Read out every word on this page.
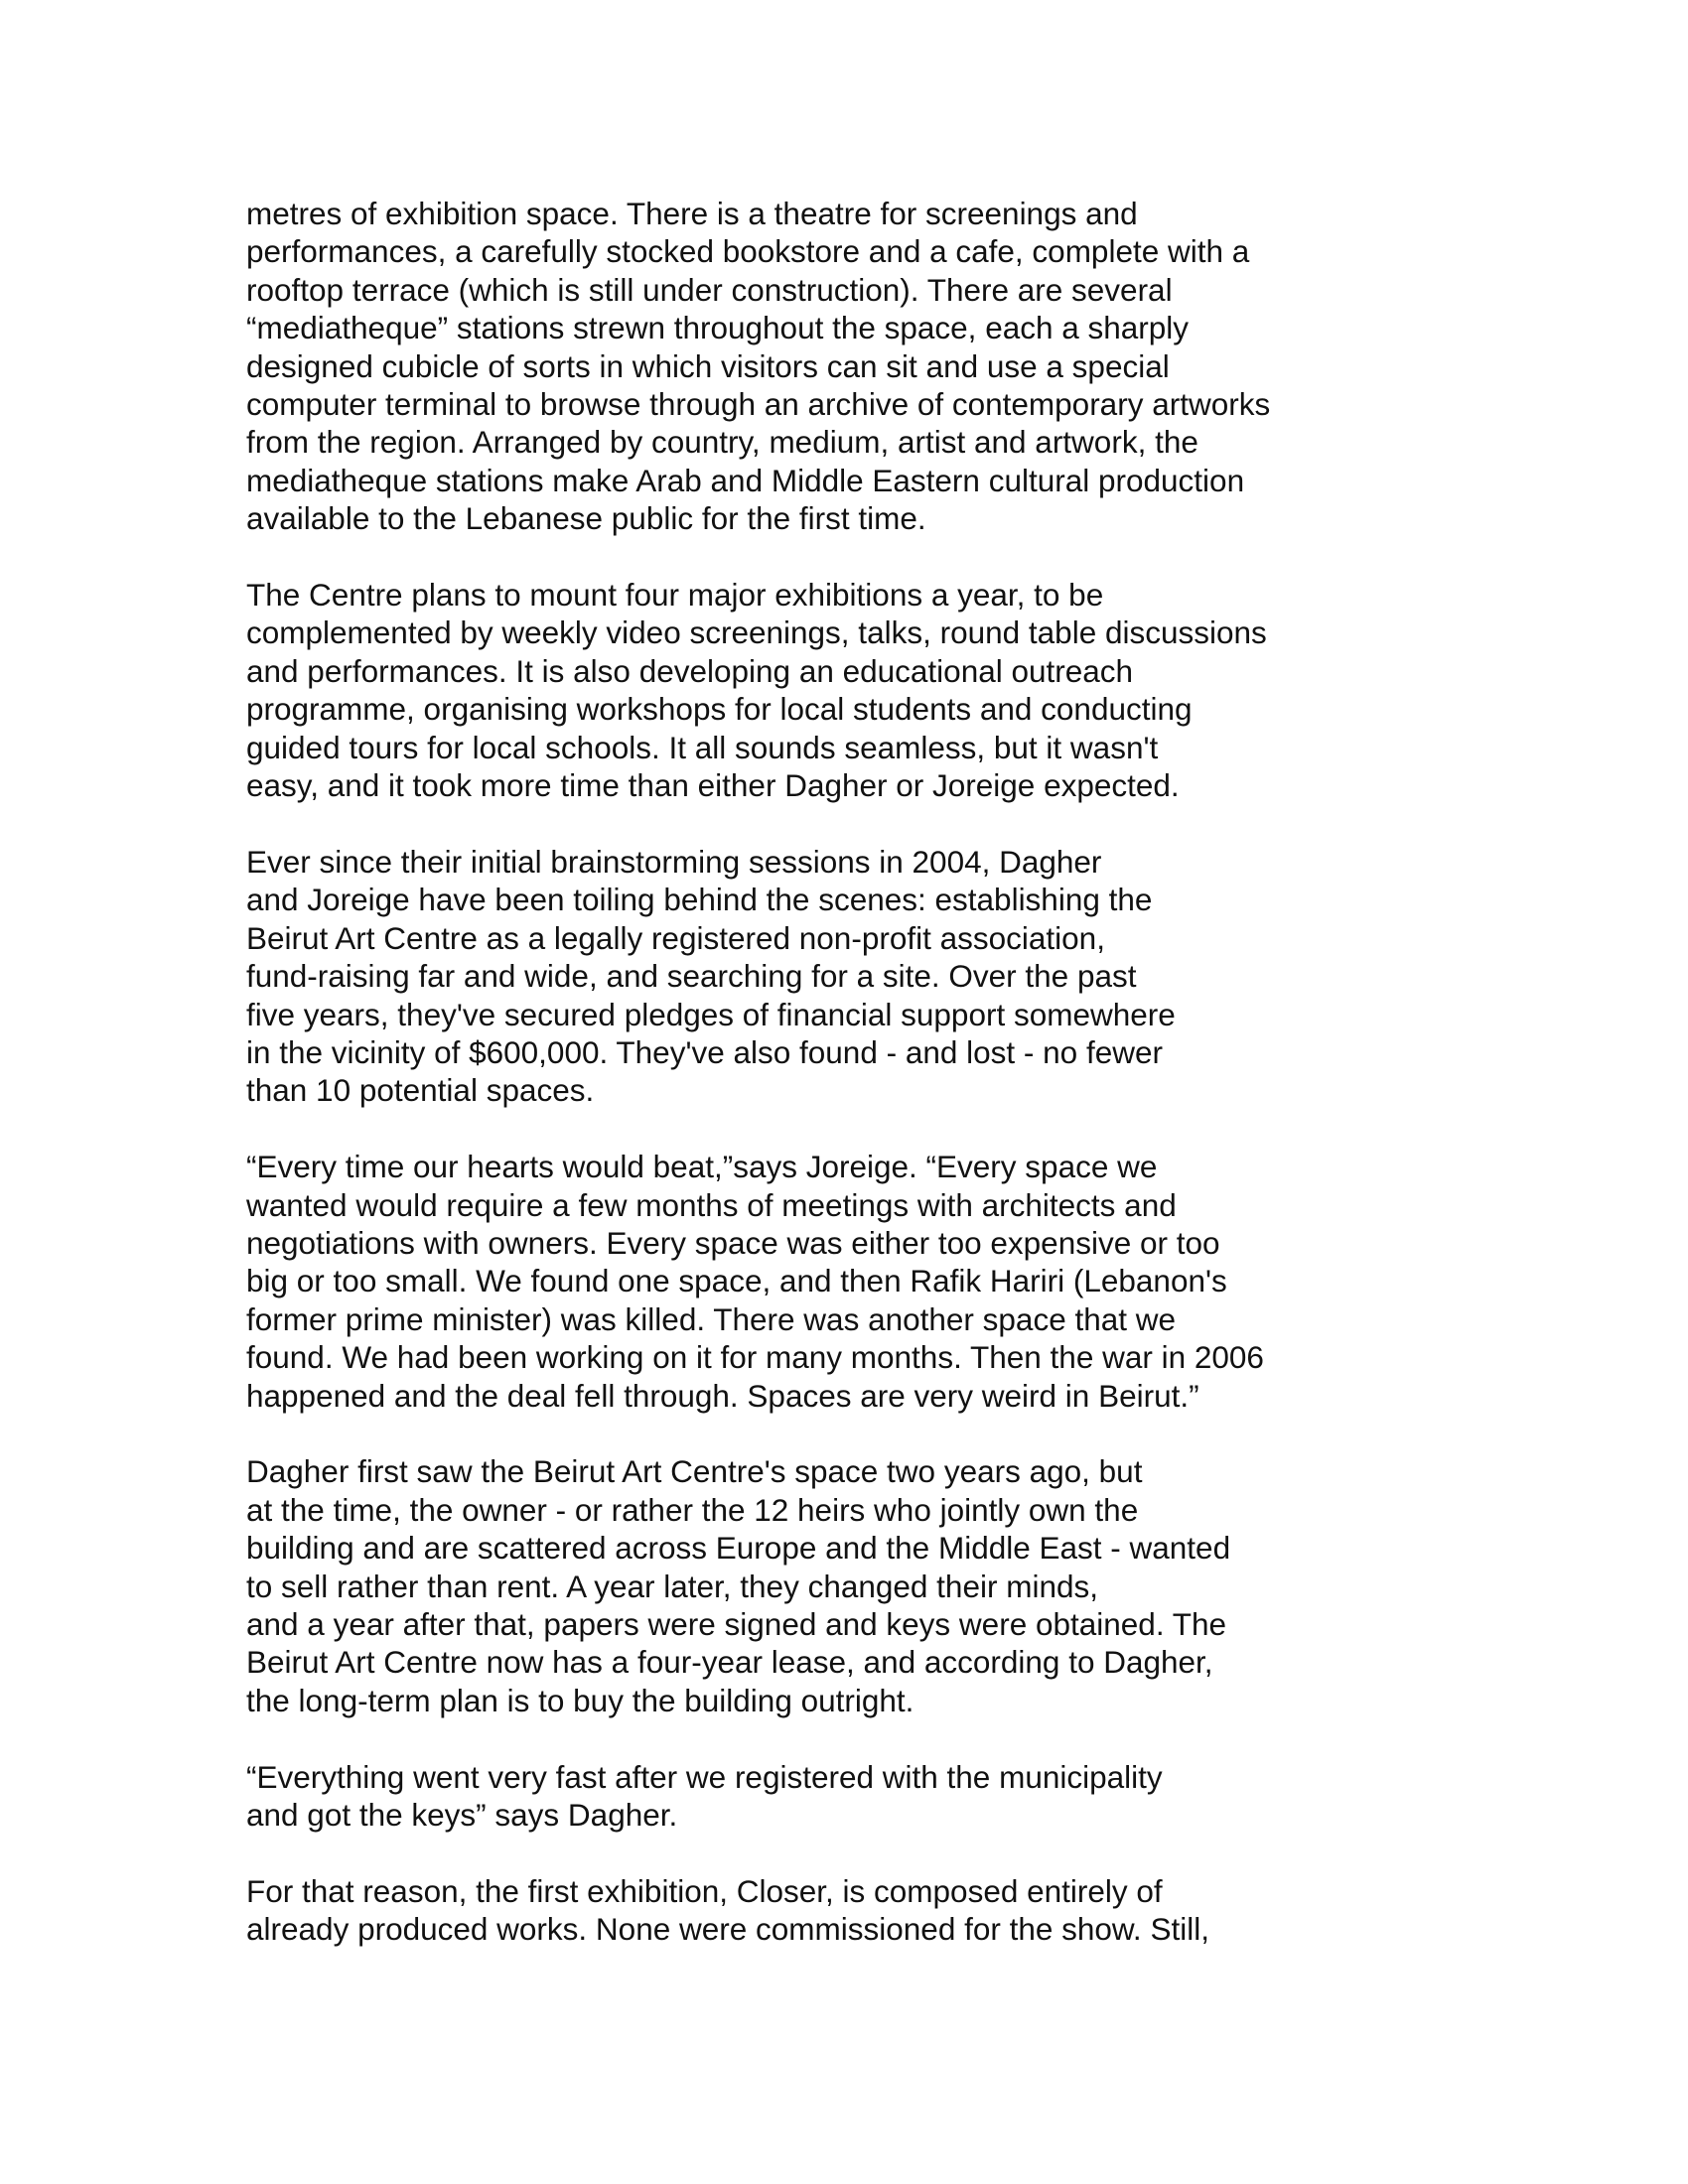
metres of exhibition space. There is a theatre for screenings and
performances, a carefully stocked bookstore and a cafe, complete with a
rooftop terrace (which is still under construction). There are several
“mediatheque” stations strewn throughout the space, each a sharply
designed cubicle of sorts in which visitors can sit and use a special
computer terminal to browse through an archive of contemporary artworks
from the region. Arranged by country, medium, artist and artwork, the
mediatheque stations make Arab and Middle Eastern cultural production
available to the Lebanese public for the first time.

The Centre plans to mount four major exhibitions a year, to be
complemented by weekly video screenings, talks, round table discussions
and performances. It is also developing an educational outreach
programme, organising workshops for local students and conducting
guided tours for local schools. It all sounds seamless, but it wasn't
easy, and it took more time than either Dagher or Joreige expected.

Ever since their initial brainstorming sessions in 2004, Dagher
and Joreige have been toiling behind the scenes: establishing the
Beirut Art Centre as a legally registered non-profit association,
fund-raising far and wide, and searching for a site. Over the past
five years, they've secured pledges of financial support somewhere
in the vicinity of $600,000. They've also found - and lost - no fewer
than 10 potential spaces.

“Every time our hearts would beat,”says Joreige. “Every space we
wanted would require a few months of meetings with architects and
negotiations with owners. Every space was either too expensive or too
big or too small. We found one space, and then Rafik Hariri (Lebanon's
former prime minister) was killed. There was another space that we
found. We had been working on it for many months. Then the war in 2006
happened and the deal fell through. Spaces are very weird in Beirut.”

Dagher first saw the Beirut Art Centre's space two years ago, but
at the time, the owner - or rather the 12 heirs who jointly own the
building and are scattered across Europe and the Middle East - wanted
to sell rather than rent. A year later, they changed their minds,
and a year after that, papers were signed and keys were obtained. The
Beirut Art Centre now has a four-year lease, and according to Dagher,
the long-term plan is to buy the building outright.

“Everything went very fast after we registered with the municipality
and got the keys” says Dagher.

For that reason, the first exhibition, Closer, is composed entirely of
already produced works. None were commissioned for the show. Still,
